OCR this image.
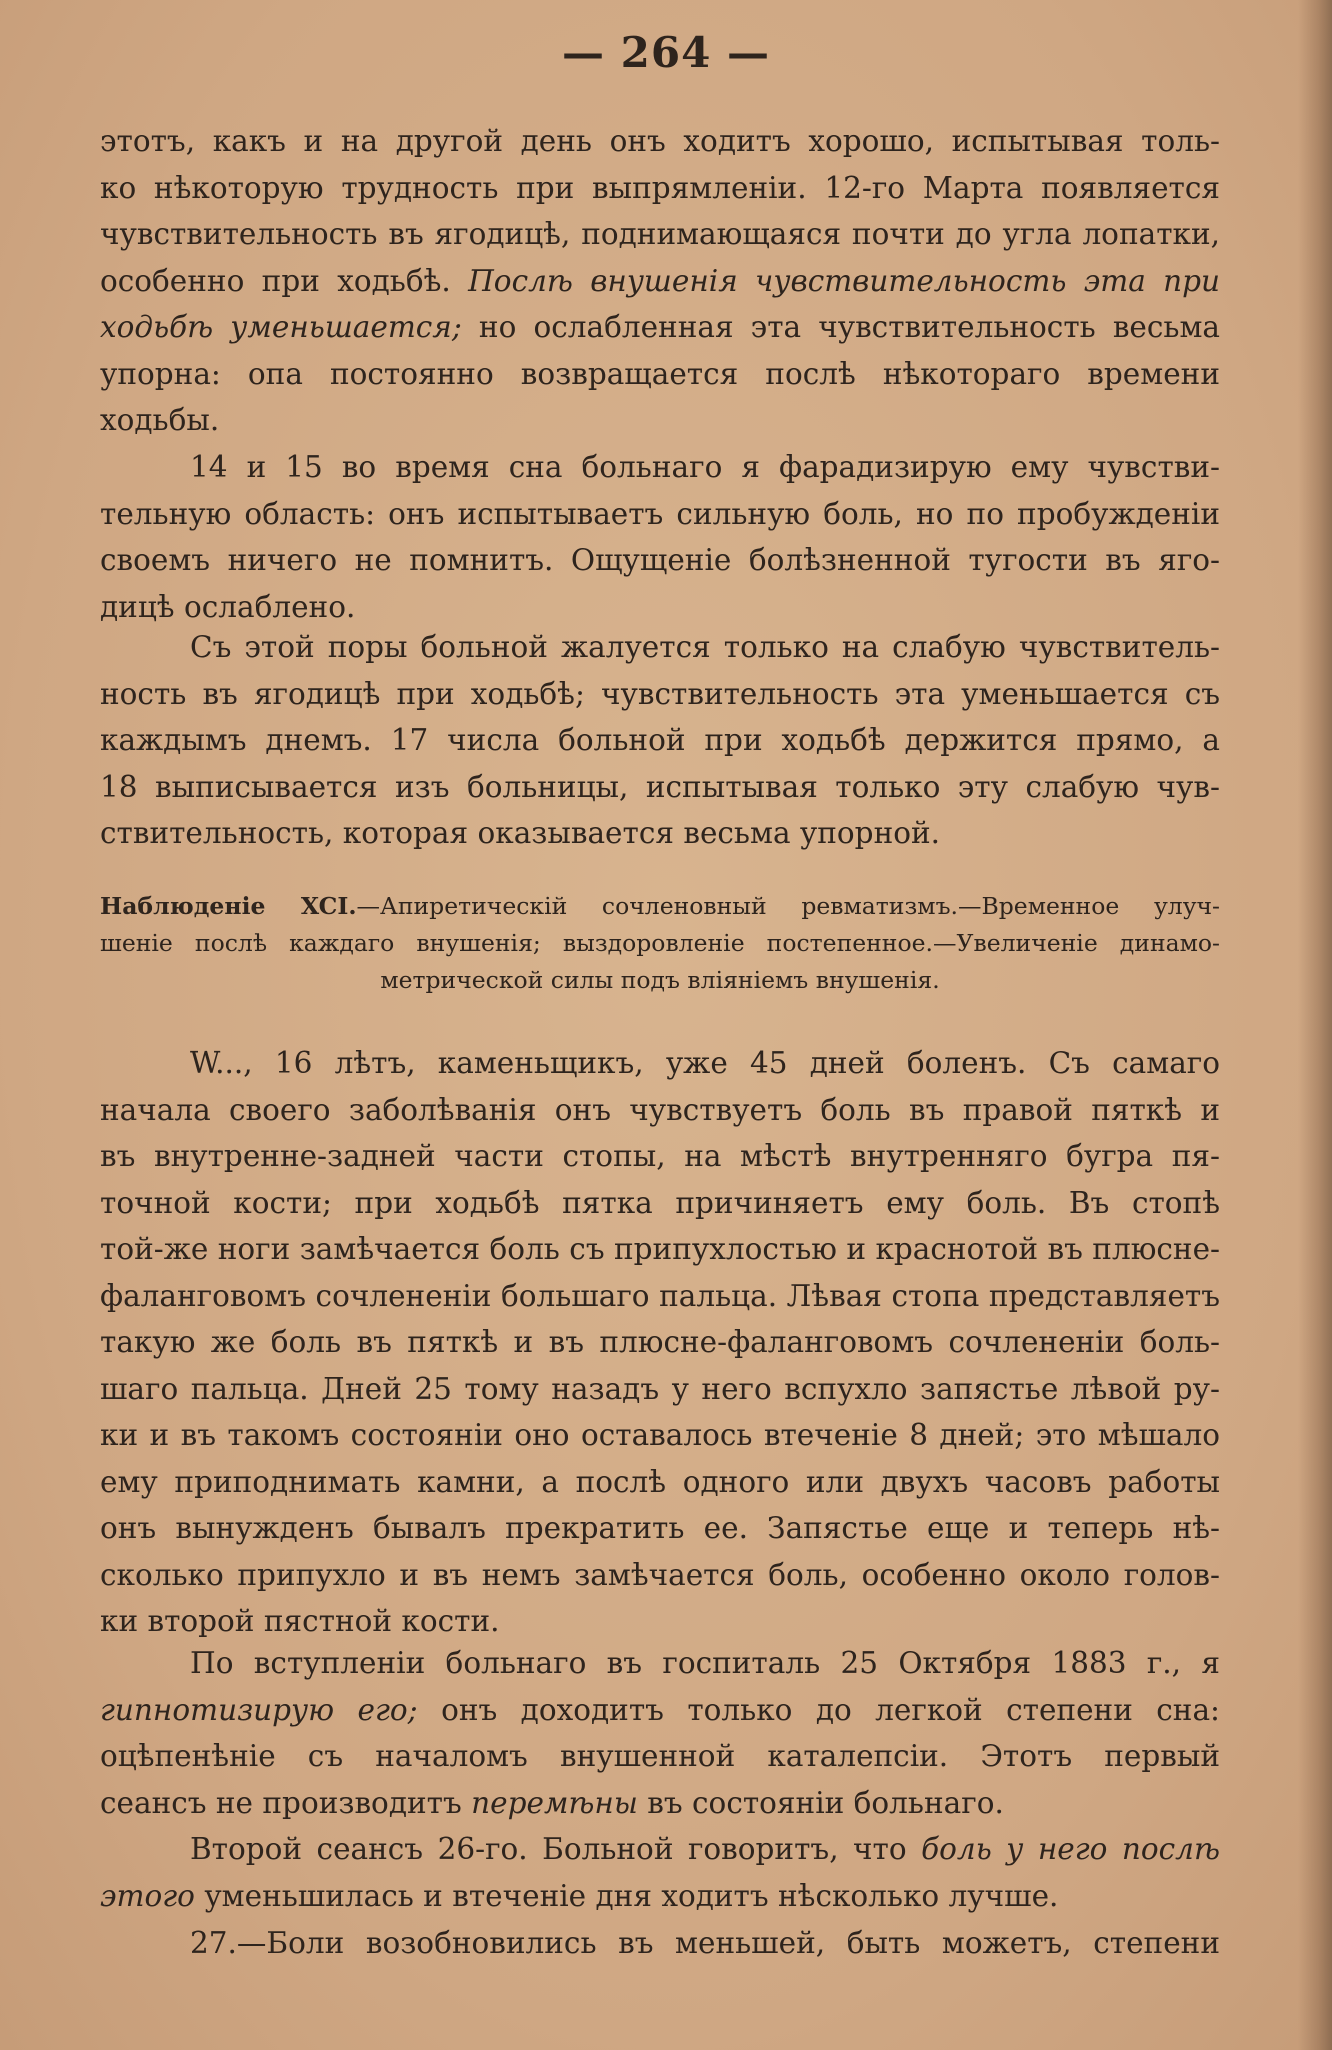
— 264 —
этотъ, какъ и на другой день онъ ходитъ хорошо, испытывая толь-
ко нѣкоторую трудность при выпрямленіи. 12-го Марта появляется
чувствительность въ ягодицѣ, поднимающаяся почти до угла лопатки,
особенно при ходьбѣ. Послѣ внушенія чувствительность эта при
ходьбѣ уменьшается; но ослабленная эта чувствительность весьма
упорна: опа постоянно возвращается послѣ нѣкотораго времени
ходьбы.
14 и 15 во время сна больнаго я фарадизирую ему чувстви-
тельную область: онъ испытываетъ сильную боль, но по пробужденіи
своемъ ничего не помнитъ. Ощущеніе болѣзненной тугости въ яго-
дицѣ ослаблено.
Съ этой поры больной жалуется только на слабую чувствитель-
ность въ ягодицѣ при ходьбѣ; чувствительность эта уменьшается съ
каждымъ днемъ. 17 числа больной при ходьбѣ держится прямо, а
18 выписывается изъ больницы, испытывая только эту слабую чув-
ствительность, которая оказывается весьма упорной.
Наблюденіе XCI.—Апиретическій сочленовный ревматизмъ.—Временное улуч-
шеніе послѣ каждаго внушенія; выздоровленіе постепенное.—Увеличеніе динамо-
метрической силы подъ вліяніемъ внушенія.
W..., 16 лѣтъ, каменьщикъ, уже 45 дней боленъ. Съ самаго
начала своего заболѣванія онъ чувствуетъ боль въ правой пяткѣ и
въ внутренне-задней части стопы, на мѣстѣ внутренняго бугра пя-
точной кости; при ходьбѣ пятка причиняетъ ему боль. Въ стопѣ
той-же ноги замѣчается боль съ припухлостью и краснотой въ плюсне-
фаланговомъ сочлененіи большаго пальца. Лѣвая стопа представляетъ
такую же боль въ пяткѣ и въ плюсне-фаланговомъ сочлененіи боль-
шаго пальца. Дней 25 тому назадъ у него вспухло запястье лѣвой ру-
ки и въ такомъ состояніи оно оставалось втеченіе 8 дней; это мѣшало
ему приподнимать камни, а послѣ одного или двухъ часовъ работы
онъ вынужденъ бывалъ прекратить ее. Запястье еще и теперь нѣ-
сколько припухло и въ немъ замѣчается боль, особенно около голов-
ки второй пястной кости.
По вступленіи больнаго въ госпиталь 25 Октября 1883 г., я
гипнотизирую его; онъ доходитъ только до легкой степени сна:
оцѣпенѣніе съ началомъ внушенной каталепсіи. Этотъ первый
сеансъ не производитъ перемѣны въ состояніи больнаго.
Второй сеансъ 26-го. Больной говоритъ, что боль у него послѣ
этого уменьшилась и втеченіе дня ходитъ нѣсколько лучше.
27.—Боли возобновились въ меньшей, быть можетъ, степени
